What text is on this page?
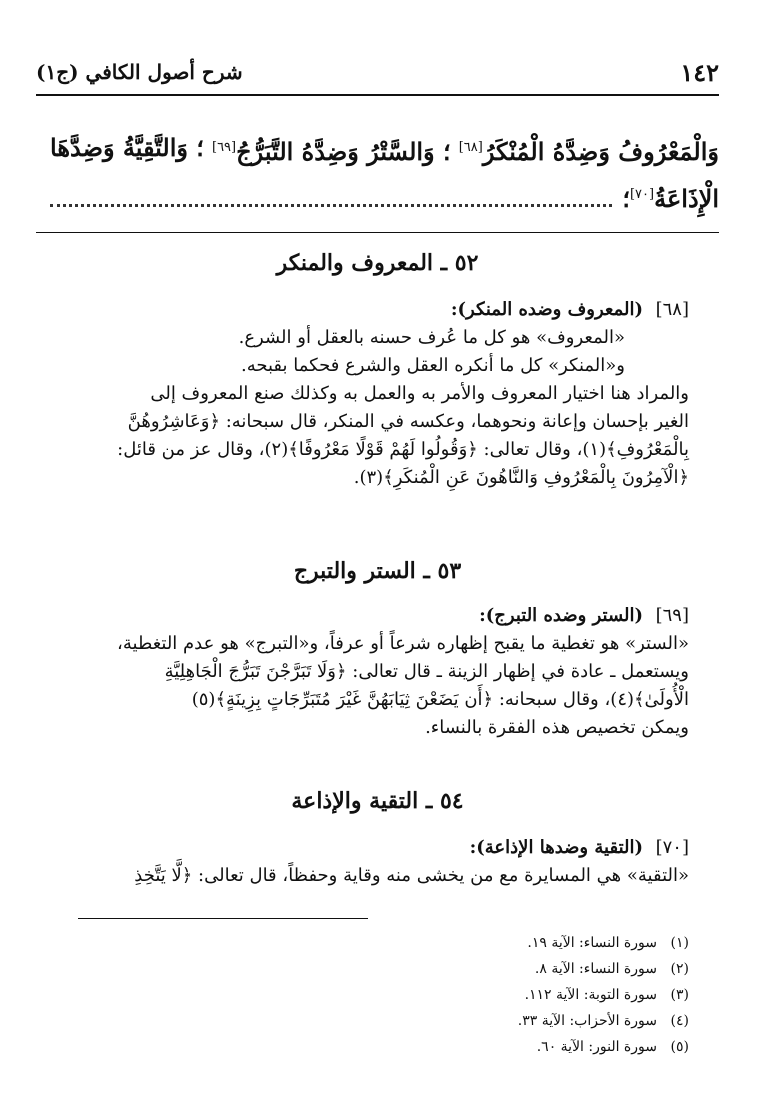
١٤٢
شرح أصول الكافي (ج١)
وَالْمَعْرُوفُ وَضِدَّهُ الْمُنْكَرُ[٦٨]
؛ وَالسَّتْرُ وَضِدَّهُ التَّبَرُّجُ[٦٩]
؛ وَالتَّقِيَّةُ وَضِدَّهَا
الْإِذَاعَةُ[٧٠]؛
٥٢ ـ المعروف والمنكر
[٦٨]
(المعروف وضده المنكر):
«المعروف» هو كل ما عُرف حسنه بالعقل أو الشرع.
و«المنكر» كل ما أنكره العقل والشرع فحكما بقبحه.
والمراد هنا اختيار المعروف والأمر به والعمل به وكذلك صنع المعروف إلى
الغير بإحسان وإعانة ونحوهما، وعكسه في المنكر، قال سبحانه: ﴿وَعَاشِرُوهُنَّ
بِالْمَعْرُوفِ﴾(١)، وقال تعالى: ﴿وَقُولُوا لَهُمْ قَوْلًا مَعْرُوفًا﴾(٢)، وقال عز من قائل:
﴿الْآمِرُونَ بِالْمَعْرُوفِ وَالنَّاهُونَ عَنِ الْمُنكَرِ﴾(٣).
٥٣ ـ الستر والتبرج
[٦٩]
(الستر وضده التبرج):
«الستر» هو تغطية ما يقبح إظهاره شرعاً أو عرفاً، و«التبرج» هو عدم التغطية،
ويستعمل ـ عادة في إظهار الزينة ـ قال تعالى: ﴿وَلَا تَبَرَّجْنَ تَبَرُّجَ الْجَاهِلِيَّةِ
الْأُولَىٰ﴾(٤)، وقال سبحانه: ﴿أَن يَضَعْنَ ثِيَابَهُنَّ غَيْرَ مُتَبَرِّجَاتٍ بِزِينَةٍ﴾(٥)
ويمكن تخصيص هذه الفقرة بالنساء.
٥٤ ـ التقية والإذاعة
[٧٠]
(التقية وضدها الإذاعة):
«التقية» هي المسايرة مع من يخشى منه وقاية وحفظاً، قال تعالى: ﴿لَّا يَتَّخِذِ
(١)
سورة النساء: الآية ١٩.
(٢)
سورة النساء: الآية ٨.
(٣)
سورة التوبة: الآية ١١٢.
(٤)
سورة الأحزاب: الآية ٣٣.
(٥)
سورة النور: الآية ٦٠.
